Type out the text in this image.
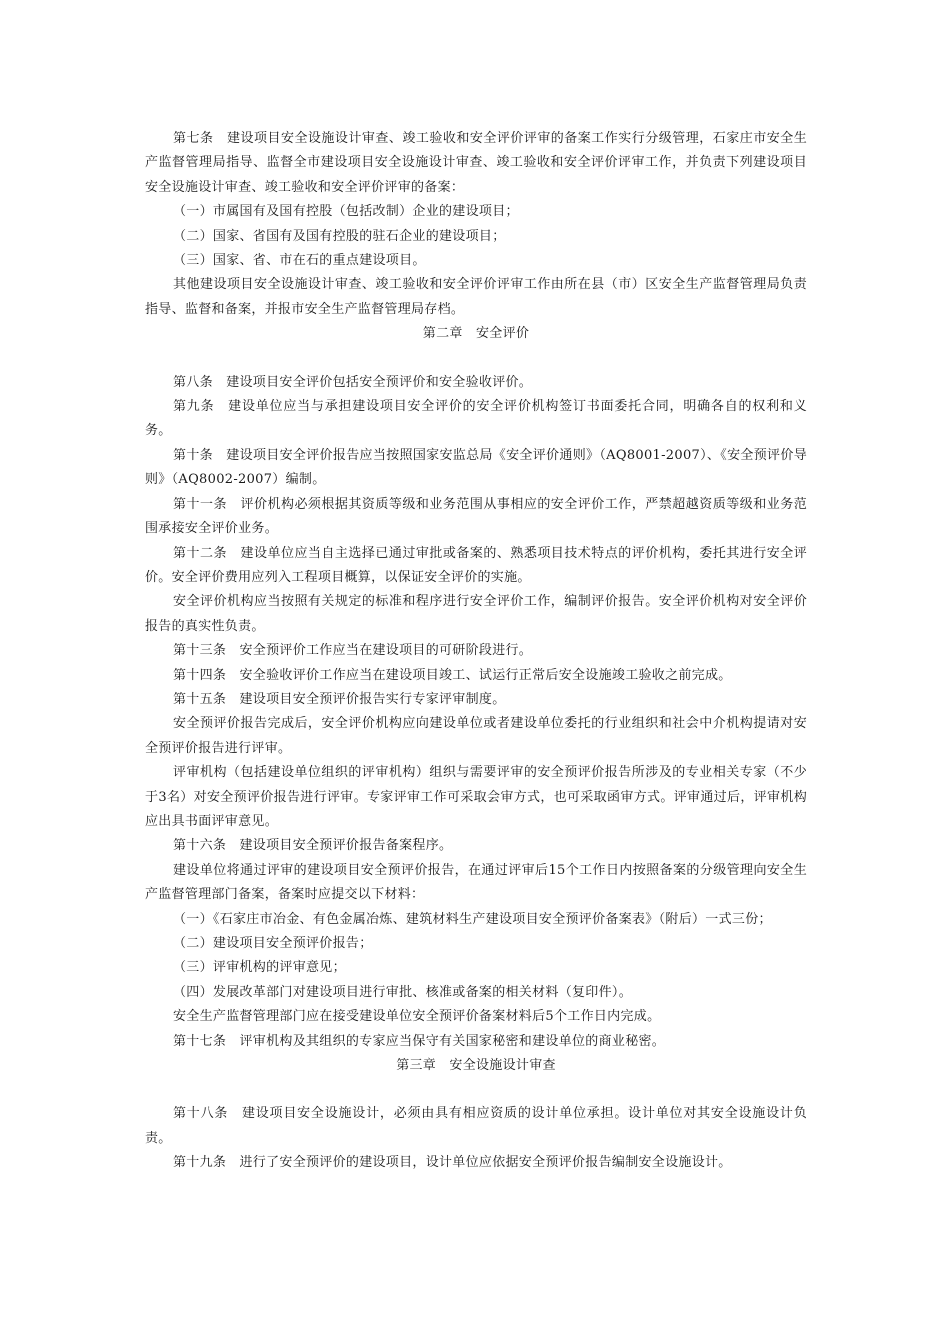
第七条　建设项目安全设施设计审查、竣工验收和安全评价评审的备案工作实行分级管理，石家庄市安全生产监督管理局指导、监督全市建设项目安全设施设计审查、竣工验收和安全评价评审工作，并负责下列建设项目安全设施设计审查、竣工验收和安全评价评审的备案：

（一）市属国有及国有控股（包括改制）企业的建设项目；

（二）国家、省国有及国有控股的驻石企业的建设项目；

（三）国家、省、市在石的重点建设项目。

其他建设项目安全设施设计审查、竣工验收和安全评价评审工作由所在县（市）区安全生产监督管理局负责指导、监督和备案，并报市安全生产监督管理局存档。

第二章　安全评价

第八条　建设项目安全评价包括安全预评价和安全验收评价。

第九条　建设单位应当与承担建设项目安全评价的安全评价机构签订书面委托合同，明确各自的权利和义务。

第十条　建设项目安全评价报告应当按照国家安监总局《安全评价通则》（AQ8001-2007）、《安全预评价导则》（AQ8002-2007）编制。

第十一条　评价机构必须根据其资质等级和业务范围从事相应的安全评价工作，严禁超越资质等级和业务范围承接安全评价业务。

第十二条　建设单位应当自主选择已通过审批或备案的、熟悉项目技术特点的评价机构，委托其进行安全评价。安全评价费用应列入工程项目概算，以保证安全评价的实施。

安全评价机构应当按照有关规定的标准和程序进行安全评价工作，编制评价报告。安全评价机构对安全评价报告的真实性负责。

第十三条　安全预评价工作应当在建设项目的可研阶段进行。

第十四条　安全验收评价工作应当在建设项目竣工、试运行正常后安全设施竣工验收之前完成。

第十五条　建设项目安全预评价报告实行专家评审制度。

安全预评价报告完成后，安全评价机构应向建设单位或者建设单位委托的行业组织和社会中介机构提请对安全预评价报告进行评审。

评审机构（包括建设单位组织的评审机构）组织与需要评审的安全预评价报告所涉及的专业相关专家（不少于3名）对安全预评价报告进行评审。专家评审工作可采取会审方式，也可采取函审方式。评审通过后，评审机构应出具书面评审意见。

第十六条　建设项目安全预评价报告备案程序。

建设单位将通过评审的建设项目安全预评价报告，在通过评审后15个工作日内按照备案的分级管理向安全生产监督管理部门备案，备案时应提交以下材料：

（一）《石家庄市冶金、有色金属冶炼、建筑材料生产建设项目安全预评价备案表》（附后）一式三份；

（二）建设项目安全预评价报告；

（三）评审机构的评审意见；

（四）发展改革部门对建设项目进行审批、核准或备案的相关材料（复印件）。

安全生产监督管理部门应在接受建设单位安全预评价备案材料后5个工作日内完成。

第十七条　评审机构及其组织的专家应当保守有关国家秘密和建设单位的商业秘密。

第三章　安全设施设计审查

第十八条　建设项目安全设施设计，必须由具有相应资质的设计单位承担。设计单位对其安全设施设计负责。

第十九条　进行了安全预评价的建设项目，设计单位应依据安全预评价报告编制安全设施设计。
